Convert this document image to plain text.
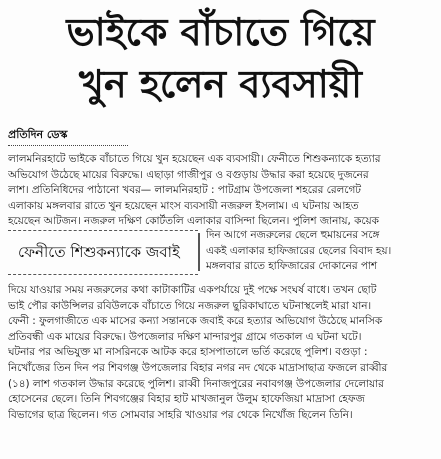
ভাইকে বাঁচাতে গিয়ে
খুন হলেন ব্যবসায়ী
প্রতিদিন ডেস্ক
লালমনিরহাটে ভাইকে বাঁচাতে গিয়ে খুন হয়েছেন এক ব্যবসায়ী। ফেনীতে শিশুকন্যাকে হত্যার
অভিযোগ উঠেছে মায়ের বিরুদ্ধে। এছাড়া গাজীপুর ও বগুড়ায় উদ্ধার করা হয়েছে দুজনের
লাশ। প্রতিনিধিদের পাঠানো খবর— লালমনিরহাট : পাটগ্রাম উপজেলা শহরের রেলগেট
এলাকায় মঙ্গলবার রাতে খুন হয়েছেন মাংস ব্যবসায়ী নজরুল ইসলাম। এ ঘটনায় আহত
হয়েছেন আটজন। নজরুল দক্ষিণ কোর্টতলি এলাকার বাসিন্দা ছিলেন। পুলিশ জানায়, কয়েক
ফেনীতে শিশুকন্যাকে জবাই
দিন আগে নজরুলের ছেলে হুমায়নের সঙ্গে
একই এলাকার হাফিজারের ছেলের বিবাদ হয়।
মঙ্গলবার রাতে হাফিজারের দোকানের পাশ
দিয়ে যাওয়ার সময় নজরুলের কথা কাটাকাটির একপর্যায়ে দুই পক্ষে সংঘর্ষ বাধে। তখন ছোট
ভাই পৌর কাউন্সিলর রবিউলকে বাঁচাতে গিয়ে নজরুল ছুরিকাঘাতে ঘটনাস্থলেই মারা যান।
ফেনী : ফুলগাজীতে এক মাসের কন্যা সন্তানকে জবাই করে হত্যার অভিযোগ উঠেছে মানসিক
প্রতিবন্ধী এক মায়ের বিরুদ্ধে। উপজেলার দক্ষিণ মান্দারপুর গ্রামে গতকাল এ ঘটনা ঘটে।
ঘটনার পর অভিযুক্ত মা নাসরিনকে আটক করে হাসপাতালে ভর্তি করেছে পুলিশ। বগুড়া :
নিখোঁজের তিন দিন পর শিবগঞ্জ উপজেলার বিহার নগর নদ থেকে মাদ্রাসাছাত্র ফজলে রাব্বীর
(১৪) লাশ গতকাল উদ্ধার করেছে পুলিশ। রাব্বী দিনাজপুরের নবাবগঞ্জ উপজেলার দেলোয়ার
হোসেনের ছেলে। তিনি শিবগঞ্জের বিহার হাট মাখজানুল উলুম হাফেজিয়া মাদ্রাসা হেফজ
বিভাগের ছাত্র ছিলেন। গত সোমবার সাহরি খাওয়ার পর থেকে নিখোঁজ ছিলেন তিনি।
